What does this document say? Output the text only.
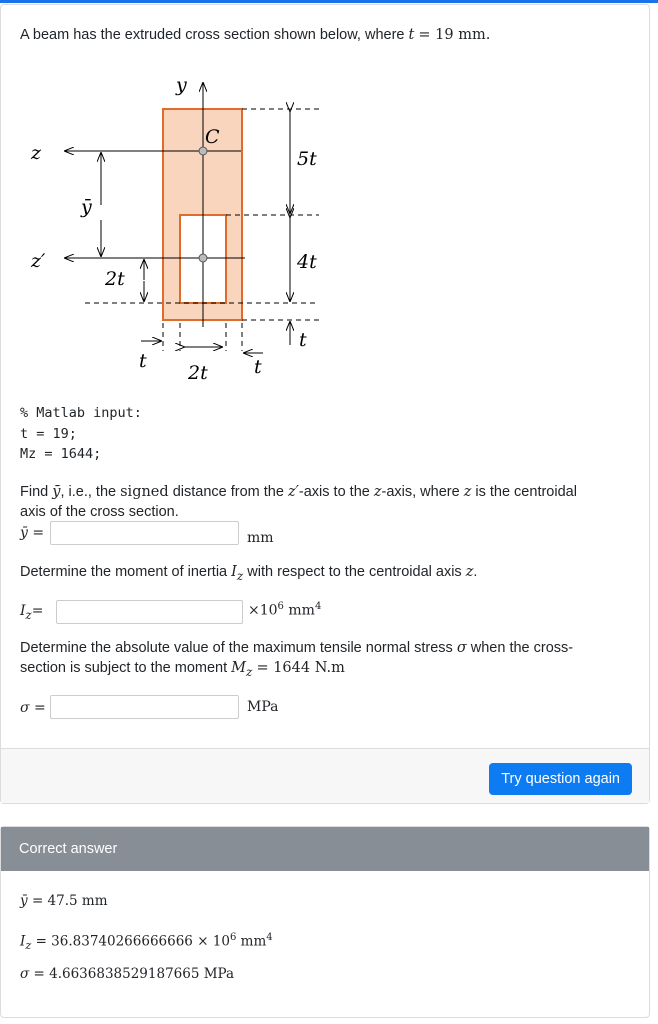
A beam has the extruded cross section shown below, where t = 19 mm.
y
C
z
z′
ȳ
2t
5t
4t
t
t
2t t
% Matlab input:
t = 19;
Mz = 1644;
Find ȳ, i.e., the signed distance from the z′-axis to the z-axis, where z is the centroidal
axis of the cross section.
ȳ =	mm
Determine the moment of inertia $I_z$ with respect to the centroidal axis z.
$I_z=$	$\times 10^6$ $mm^4$
Determine the absolute value of the maximum tensile normal stress σ when the cross-
section is subject to the moment $M_z = 1644$ N.m
σ =	MPa
Try question again
Correct answer
ȳ = 47.5 mm
$I_z = 36.83740266666666 \times 10^6$ $mm^4$
σ = 4.6636838529187665 MPa
